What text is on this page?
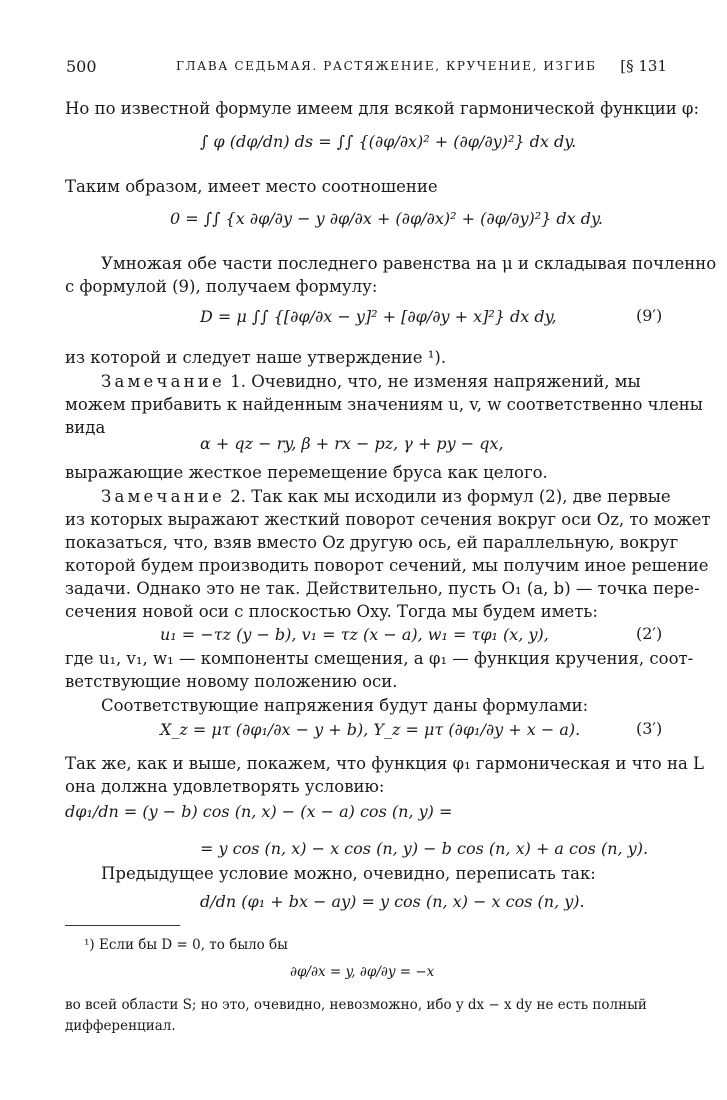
500	ГЛАВА СЕДЬМАЯ. РАСТЯЖЕНИЕ, КРУЧЕНИЕ, ИЗГИБ [§ 131
Но по известной формуле имеем для всякой гармонической функции φ:
∫ φ (dφ/dn) ds = ∫∫ {(∂φ/∂x)² + (∂φ/∂y)²} dx dy.
Таким образом, имеет место соотношение
0 = ∫∫ {x ∂φ/∂y − y ∂φ/∂x + (∂φ/∂x)² + (∂φ/∂y)²} dx dy.
Умножая обе части последнего равенства на μ и складывая почленно
с формулой (9), получаем формулу:
D = μ ∫∫ {[∂φ/∂x − y]² + [∂φ/∂y + x]²} dx dy,	(9′)
из которой и следует наше утверждение ¹).
Замечание 1. Очевидно, что, не изменяя напряжений, мы
можем прибавить к найденным значениям u, v, w соответственно члены
вида
α + qz − ry, β + rx − pz, γ + py − qx,
выражающие жесткое перемещение бруса как целого.
Замечание 2. Так как мы исходили из формул (2), две первые
из которых выражают жесткий поворот сечения вокруг оси Oz, то может
показаться, что, взяв вместо Oz другую ось, ей параллельную, вокруг
которой будем производить поворот сечений, мы получим иное решение
задачи. Однако это не так. Действительно, пусть O₁ (a, b) — точка пере-
сечения новой оси с плоскостью Oxy. Тогда мы будем иметь:
u₁ = −τz (y − b), v₁ = τz (x − a), w₁ = τφ₁ (x, y),	(2′)
где u₁, v₁, w₁ — компоненты смещения, а φ₁ — функция кручения, соот-
ветствующие новому положению оси.
Соответствующие напряжения будут даны формулами:
X_z = μτ (∂φ₁/∂x − y + b), Y_z = μτ (∂φ₁/∂y + x − a).	(3′)
Так же, как и выше, покажем, что функция φ₁ гармоническая и что на L
она должна удовлетворять условию:
dφ₁/dn = (y − b) cos (n, x) − (x − a) cos (n, y) =
= y cos (n, x) − x cos (n, y) − b cos (n, x) + a cos (n, y).
Предыдущее условие можно, очевидно, переписать так:
d/dn (φ₁ + bx − ay) = y cos (n, x) − x cos (n, y).
¹) Если бы D = 0, то было бы
∂φ/∂x = y, ∂φ/∂y = −x
во всей области S; но это, очевидно, невозможно, ибо y dx − x dy не есть полный
дифференциал.
